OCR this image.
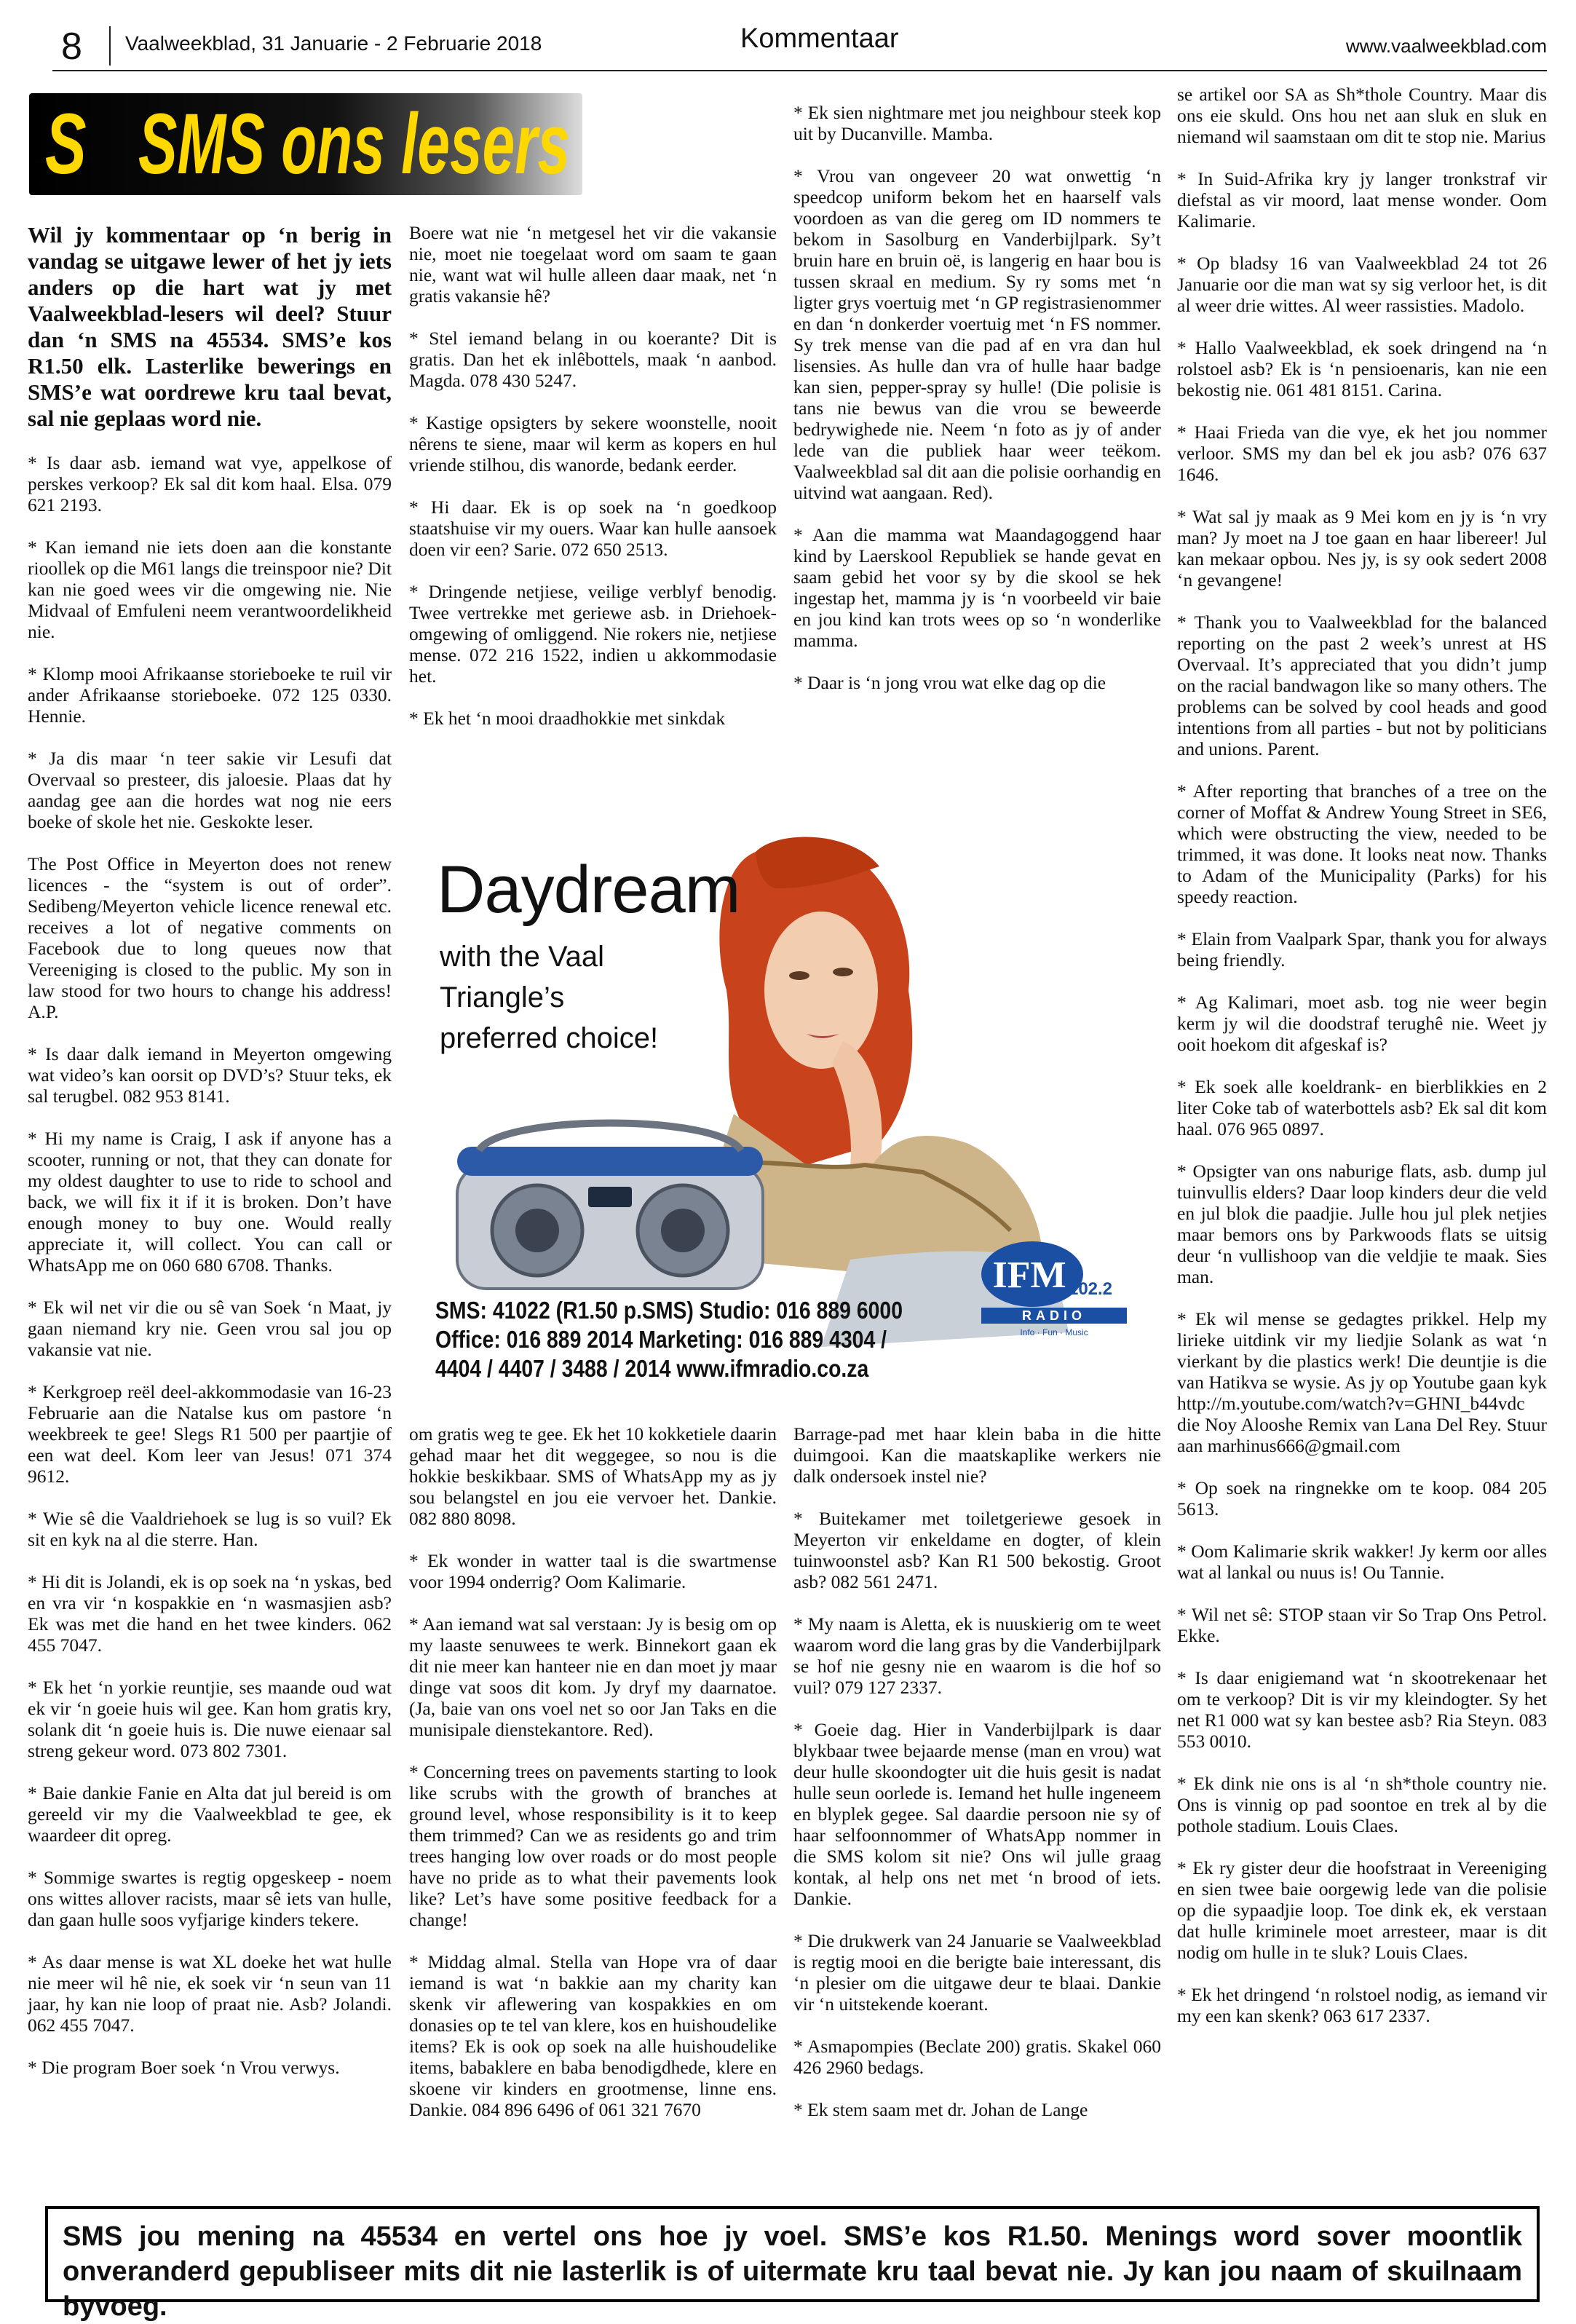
8 Vaalweekblad, 31 Januarie - 2 Februarie 2018	Kommentaar	www.vaalweekblad.com
S SMS ons lesers

Wil jy kommentaar op ‘n berig in vandag se uitgawe lewer of het jy iets anders op die hart wat jy met Vaalweekblad-lesers wil deel? Stuur dan ‘n SMS na 45534. SMS’e kos R1.50 elk. Lasterlike bewerings en SMS’e wat oordrewe kru taal bevat, sal nie geplaas word nie.

* Is daar asb. iemand wat vye, appelkose of perskes verkoop? Ek sal dit kom haal. Elsa. 079 621 2193.

* Kan iemand nie iets doen aan die konstante rioollek op die M61 langs die treinspoor nie? Dit kan nie goed wees vir die omgewing nie. Nie Midvaal of Emfuleni neem verantwoordelikheid nie.

* Klomp mooi Afrikaanse storieboeke te ruil vir ander Afrikaanse storieboeke. 072 125 0330. Hennie.

* Ja dis maar ‘n teer sakie vir Lesufi dat Overvaal so presteer, dis jaloesie. Plaas dat hy aandag gee aan die hordes wat nog nie eers boeke of skole het nie. Geskokte leser.

The Post Office in Meyerton does not renew licences - the “system is out of order”. Sedibeng/Meyerton vehicle licence renewal etc. receives a lot of negative comments on Facebook due to long queues now that Vereeniging is closed to the public. My son in law stood for two hours to change his address! A.P.

* Is daar dalk iemand in Meyerton omgewing wat video’s kan oorsit op DVD’s? Stuur teks, ek sal terugbel. 082 953 8141.

* Hi my name is Craig, I ask if anyone has a scooter, running or not, that they can donate for my oldest daughter to use to ride to school and back, we will fix it if it is broken. Don’t have enough money to buy one. Would really appreciate it, will collect. You can call or WhatsApp me on 060 680 6708. Thanks.

* Ek wil net vir die ou sê van Soek ‘n Maat, jy gaan niemand kry nie. Geen vrou sal jou op vakansie vat nie.

* Kerkgroep reël deel-akkommodasie van 16-23 Februarie aan die Natalse kus om pastore ‘n weekbreek te gee! Slegs R1 500 per paartjie of een wat deel. Kom leer van Jesus! 071 374 9612.

* Wie sê die Vaaldriehoek se lug is so vuil? Ek sit en kyk na al die sterre. Han.

* Hi dit is Jolandi, ek is op soek na ‘n yskas, bed en vra vir ‘n kospakkie en ‘n wasmasjien asb? Ek was met die hand en het twee kinders. 062 455 7047.

* Ek het ‘n yorkie reuntjie, ses maande oud wat ek vir ‘n goeie huis wil gee. Kan hom gratis kry, solank dit ‘n goeie huis is. Die nuwe eienaar sal streng gekeur word. 073 802 7301.

* Baie dankie Fanie en Alta dat jul bereid is om gereeld vir my die Vaalweekblad te gee, ek waardeer dit opreg.

* Sommige swartes is regtig opgeskeep - noem ons wittes allover racists, maar sê iets van hulle, dan gaan hulle soos vyfjarige kinders tekere.

* As daar mense is wat XL doeke het wat hulle nie meer wil hê nie, ek soek vir ‘n seun van 11 jaar, hy kan nie loop of praat nie. Asb? Jolandi. 062 455 7047.

* Die program Boer soek ‘n Vrou verwys.

Boere wat nie ‘n metgesel het vir die vakansie nie, moet nie toegelaat word om saam te gaan nie, want wat wil hulle alleen daar maak, net ‘n gratis vakansie hê?

* Stel iemand belang in ou koerante? Dit is gratis. Dan het ek inlêbottels, maak ‘n aanbod. Magda. 078 430 5247.

* Kastige opsigters by sekere woonstelle, nooit nêrens te siene, maar wil kerm as kopers en hul vriende stilhou, dis wanorde, bedank eerder.

* Hi daar. Ek is op soek na ‘n goedkoop staatshuise vir my ouers. Waar kan hulle aansoek doen vir een? Sarie. 072 650 2513.

* Dringende netjiese, veilige verblyf benodig. Twee vertrekke met geriewe asb. in Driehoek-omgewing of omliggend. Nie rokers nie, netjiese mense. 072 216 1522, indien u akkommodasie het.

* Ek het ‘n mooi draadhokkie met sinkdak

om gratis weg te gee. Ek het 10 kokketiele daarin gehad maar het dit weggegee, so nou is die hokkie beskikbaar. SMS of WhatsApp my as jy sou belangstel en jou eie vervoer het. Dankie. 082 880 8098.

* Ek wonder in watter taal is die swartmense voor 1994 onderrig? Oom Kalimarie.

* Aan iemand wat sal verstaan: Jy is besig om op my laaste senuwees te werk. Binnekort gaan ek dit nie meer kan hanteer nie en dan moet jy maar dinge vat soos dit kom. Jy dryf my daarnatoe. (Ja, baie van ons voel net so oor Jan Taks en die munisipale dienstekantore. Red).

* Concerning trees on pavements starting to look like scrubs with the growth of branches at ground level, whose responsibility is it to keep them trimmed? Can we as residents go and trim trees hanging low over roads or do most people have no pride as to what their pavements look like? Let’s have some positive feedback for a change!

* Middag almal. Stella van Hope vra of daar iemand is wat ‘n bakkie aan my charity kan skenk vir aflewering van kospakkies en om donasies op te tel van klere, kos en huishoudelike items? Ek is ook op soek na alle huishoudelike items, babaklere en baba benodigdhede, klere en skoene vir kinders en grootmense, linne ens. Dankie. 084 896 6496 of 061 321 7670

* Ek sien nightmare met jou neighbour steek kop uit by Ducanville. Mamba.

* Vrou van ongeveer 20 wat onwettig ‘n speedcop uniform bekom het en haarself vals voordoen as van die gereg om ID nommers te bekom in Sasolburg en Vanderbijlpark. Sy’t bruin hare en bruin oë, is langerig en haar bou is tussen skraal en medium. Sy ry soms met ‘n ligter grys voertuig met ‘n GP registrasienommer en dan ‘n donkerder voertuig met ‘n FS nommer. Sy trek mense van die pad af en vra dan hul lisensies. As hulle dan vra of hulle haar badge kan sien, pepper-spray sy hulle! (Die polisie is tans nie bewus van die vrou se beweerde bedrywighede nie. Neem ‘n foto as jy of ander lede van die publiek haar weer teëkom. Vaalweekblad sal dit aan die polisie oorhandig en uitvind wat aangaan. Red).

* Aan die mamma wat Maandagoggend haar kind by Laerskool Republiek se hande gevat en saam gebid het voor sy by die skool se hek ingestap het, mamma jy is ‘n voorbeeld vir baie en jou kind kan trots wees op so ‘n wonderlike mamma.

* Daar is ‘n jong vrou wat elke dag op die

Barrage-pad met haar klein baba in die hitte duimgooi. Kan die maatskaplike werkers nie dalk ondersoek instel nie?

* Buitekamer met toiletgeriewe gesoek in Meyerton vir enkeldame en dogter, of klein tuinwoonstel asb? Kan R1 500 bekostig. Groot asb? 082 561 2471.

* My naam is Aletta, ek is nuuskierig om te weet waarom word die lang gras by die Vanderbijlpark se hof nie gesny nie en waarom is die hof so vuil? 079 127 2337.

* Goeie dag. Hier in Vanderbijlpark is daar blykbaar twee bejaarde mense (man en vrou) wat deur hulle skoondogter uit die huis gesit is nadat hulle seun oorlede is. Iemand het hulle ingeneem en blyplek gegee. Sal daardie persoon nie sy of haar selfoonnommer of WhatsApp nommer in die SMS kolom sit nie? Ons wil julle graag kontak, al help ons net met ‘n brood of iets. Dankie.

* Die drukwerk van 24 Januarie se Vaalweekblad is regtig mooi en die berigte baie interessant, dis ‘n plesier om die uitgawe deur te blaai. Dankie vir ‘n uitstekende koerant.

* Asmapompies (Beclate 200) gratis. Skakel 060 426 2960 bedags.

* Ek stem saam met dr. Johan de Lange

se artikel oor SA as Sh*thole Country. Maar dis ons eie skuld. Ons hou net aan sluk en sluk en niemand wil saamstaan om dit te stop nie. Marius

* In Suid-Afrika kry jy langer tronkstraf vir diefstal as vir moord, laat mense wonder. Oom Kalimarie.

* Op bladsy 16 van Vaalweekblad 24 tot 26 Januarie oor die man wat sy sig verloor het, is dit al weer drie wittes. Al weer rassisties. Madolo.

* Hallo Vaalweekblad, ek soek dringend na ‘n rolstoel asb? Ek is ‘n pensioenaris, kan nie een bekostig nie. 061 481 8151. Carina.

* Haai Frieda van die vye, ek het jou nommer verloor. SMS my dan bel ek jou asb? 076 637 1646.

* Wat sal jy maak as 9 Mei kom en jy is ‘n vry man? Jy moet na J toe gaan en haar libereer! Jul kan mekaar opbou. Nes jy, is sy ook sedert 2008 ‘n gevangene!

* Thank you to Vaalweekblad for the balanced reporting on the past 2 week’s unrest at HS Overvaal. It’s appreciated that you didn’t jump on the racial bandwagon like so many others. The problems can be solved by cool heads and good intentions from all parties - but not by politicians and unions. Parent.

* After reporting that branches of a tree on the corner of Moffat & Andrew Young Street in SE6, which were obstructing the view, needed to be trimmed, it was done. It looks neat now. Thanks to Adam of the Municipality (Parks) for his speedy reaction.

* Elain from Vaalpark Spar, thank you for always being friendly.

* Ag Kalimari, moet asb. tog nie weer begin kerm jy wil die doodstraf terughê nie. Weet jy ooit hoekom dit afgeskaf is?

* Ek soek alle koeldrank- en bierblikkies en 2 liter Coke tab of waterbottels asb? Ek sal dit kom haal. 076 965 0897.

* Opsigter van ons naburige flats, asb. dump jul tuinvullis elders? Daar loop kinders deur die veld en jul blok die paadjie. Julle hou jul plek netjies maar bemors ons by Parkwoods flats se uitsig deur ‘n vullishoop van die veldjie te maak. Sies man.

* Ek wil mense se gedagtes prikkel. Help my lirieke uitdink vir my liedjie Solank as wat ‘n vierkant by die plastics werk! Die deuntjie is die van Hatikva se wysie. As jy op Youtube gaan kyk http://m.youtube.com/watch?v=GHNI_b44vdc die Noy Alooshe Remix van Lana Del Rey. Stuur aan marhinus666@gmail.com

* Op soek na ringnekke om te koop. 084 205 5613.

* Oom Kalimarie skrik wakker! Jy kerm oor alles wat al lankal ou nuus is! Ou Tannie.

* Wil net sê: STOP staan vir So Trap Ons Petrol. Ekke.

* Is daar enigiemand wat ‘n skootrekenaar het om te verkoop? Dit is vir my kleindogter. Sy het net R1 000 wat sy kan bestee asb? Ria Steyn. 083 553 0010.

* Ek dink nie ons is al ‘n sh*thole country nie. Ons is vinnig op pad soontoe en trek al by die pothole stadium. Louis Claes.

* Ek ry gister deur die hoofstraat in Vereeniging en sien twee baie oorgewig lede van die polisie op die sypaadjie loop. Toe dink ek, ek verstaan dat hulle kriminele moet arresteer, maar is dit nodig om hulle in te sluk? Louis Claes.

* Ek het dringend ‘n rolstoel nodig, as iemand vir my een kan skenk? 063 617 2337.

Daydream
with the Vaal Triangle’s preferred choice!
SMS: 41022 (R1.50 p.SMS) Studio: 016 889 6000
Office: 016 889 2014 Marketing: 016 889 4304 /
4404 / 4407 / 3488 / 2014 www.ifmradio.co.za
RADIO
IFM 102.2
Info · Fun · Music

SMS jou mening na 45534 en vertel ons hoe jy voel. SMS’e kos R1.50. Menings word sover moontlik onveranderd gepubliseer mits dit nie lasterlik is of uitermate kru taal bevat nie. Jy kan jou naam of skuilnaam byvoeg.
